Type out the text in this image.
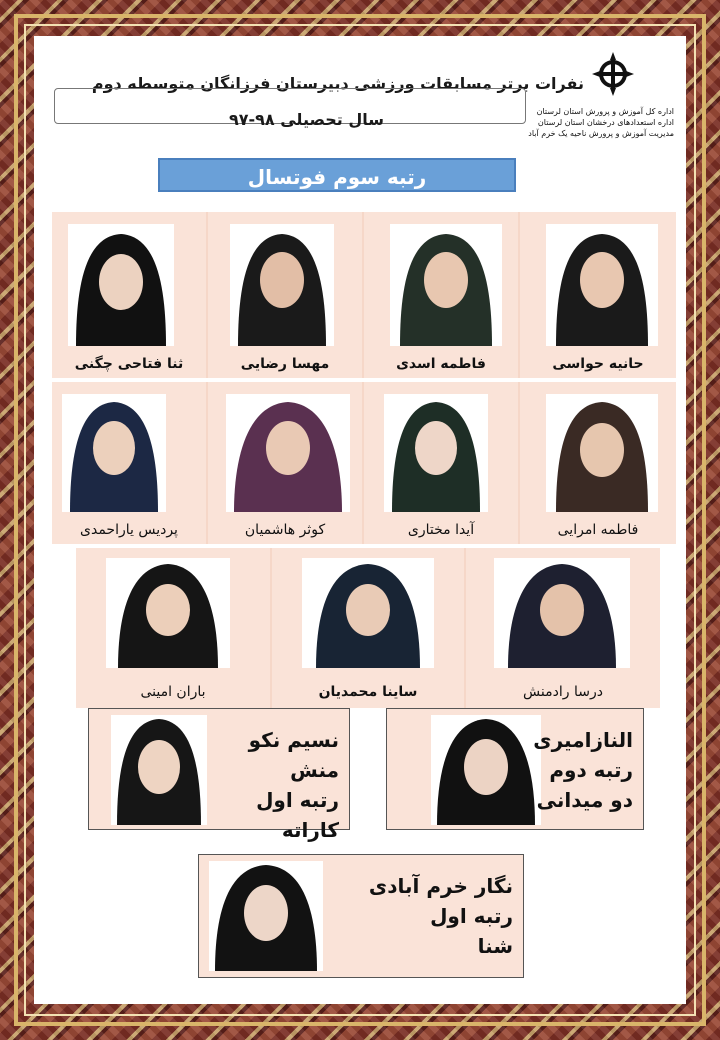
نفرات برتر مسابقات ورزشی دبیرستان فرزانگان متوسطه دوم
سال تحصیلی ۹۸-۹۷	اداره کل آموزش و پرورش استان لرستان
اداره استعدادهای درخشان استان لرستان
مدیریت آموزش و پرورش ناحیه یک خرم آباد
رتبه سوم فوتسال
حانیه حواسی
فاطمه اسدی
مهسا رضایی
ثنا فتاحی چگنی
فاطمه امرایی
آیدا مختاری
کوثر هاشمیان
پردیس یاراحمدی
درسا رادمنش
ساینا محمدیان
باران امینی
النازامیری
رتبه دوم
دو میدانی
نسیم نکو منش
رتبه اول
کاراته
نگار خرم آبادی
رتبه اول
شنا
